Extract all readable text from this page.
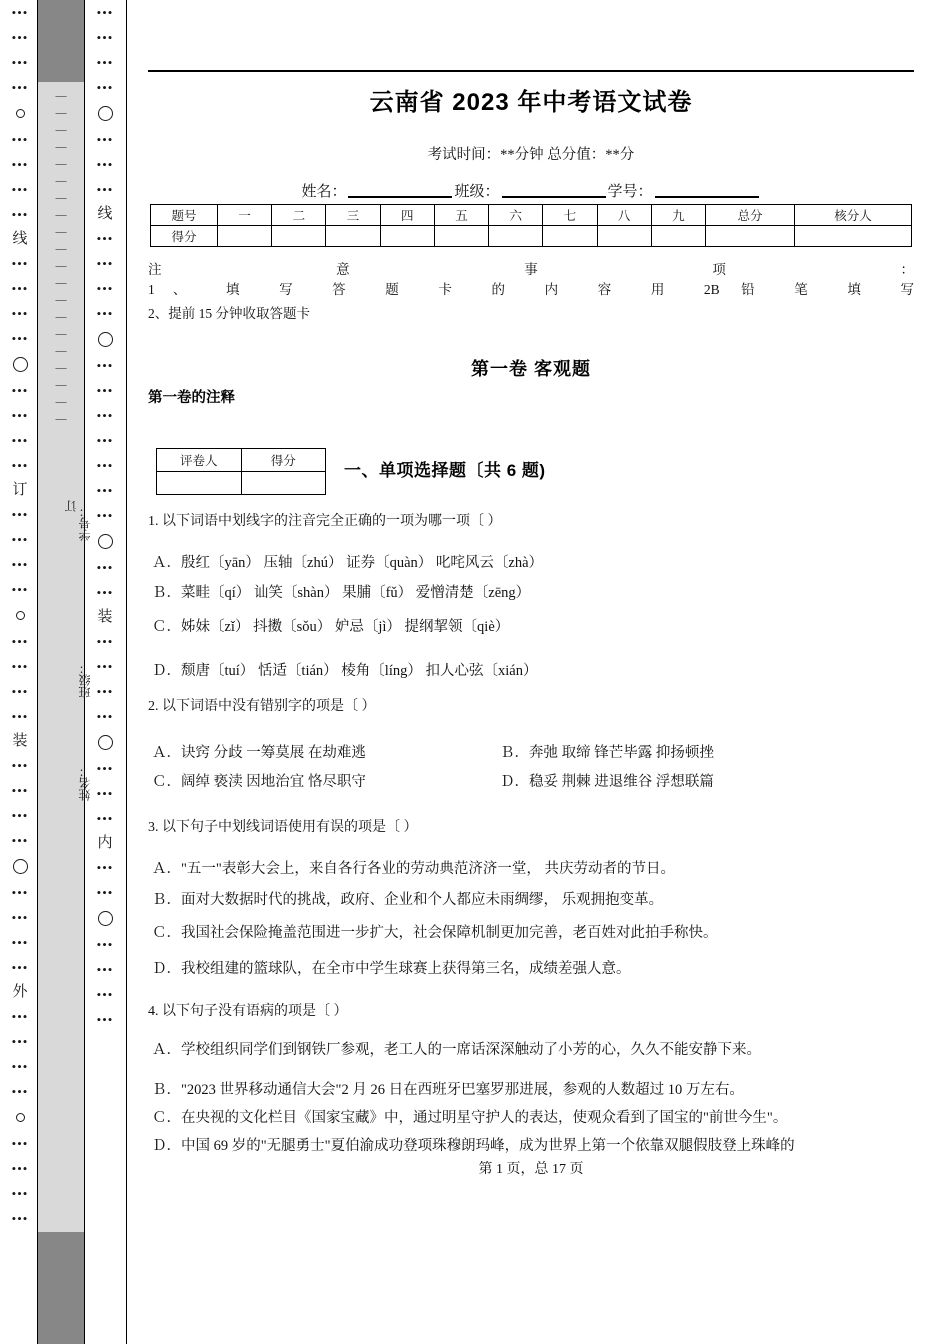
•••
•••
•••
•••
•••
•••
•••
•••
线
•••
•••
•••
•••
•••
•••
•••
•••
订
•••
•••
•••
•••
•••
•••
•••
•••
装
•••
•••
•••
•••
•••
•••
•••
•••
外
•••
•••
•••
•••
•••
•••
•••
•••
—
—
—
—
—
—
—
—
—
—
—
—
—
—
—
—
—
—
—
—
订 学号：
班级：
姓名：
•••
•••
•••
•••
•••
•••
•••
线
•••
•••
•••
•••
•••
•••
•••
•••
•••
•••
•••
•••
•••
装
•••
•••
•••
•••
•••
•••
•••
内
•••
•••
•••
•••
•••
•••
云南省 2023 年中考语文试卷
考试时间：**分钟 总分值：**分
姓名：	班级：	学号：
题号	一	二	三	四	五	六	七	八	九	总分	核分人
得分											
注 意 事 项 ：
1、 填 写 答 题 卡 的 内 容 用 2B 铅 笔 填 写
2、提前 15 分钟收取答题卡
第一卷 客观题
第一卷的注释
评卷人	得分
		一、单项选择题〔共 6 题)
1. 以下词语中划线字的注音完全正确的一项为哪一项〔 ）
Ａ．殷红〔yān） 压轴〔zhú） 证券〔quàn） 叱咤风云〔zhà）
Ｂ．菜畦〔qí） 讪笑〔shàn） 果脯〔fǔ） 爱憎清楚〔zēng）
Ｃ．姊妹〔zǐ） 抖擞〔sǒu） 妒忌〔jì） 提纲挈领〔qiè）
Ｄ．颓唐〔tuí） 恬适〔tián） 棱角〔líng） 扣人心弦〔xián）
2. 以下词语中没有错别字的项是〔 ）
Ａ．诀窍 分歧 一筹莫展 在劫难逃	Ｂ．奔弛 取缔 锋芒毕露 抑扬顿挫
Ｃ．阔绰 亵渎 因地治宜 恪尽职守	Ｄ．稳妥 荆棘 进退维谷 浮想联篇
3. 以下句子中划线词语使用有误的项是〔 ）
Ａ．"五一"表彰大会上，来自各行各业的劳动典范济济一堂， 共庆劳动者的节日。
Ｂ．面对大数据时代的挑战，政府、企业和个人都应未雨绸缪， 乐观拥抱变革。
Ｃ．我国社会保险掩盖范围进一步扩大，社会保障机制更加完善，老百姓对此拍手称快。
Ｄ．我校组建的篮球队，在全市中学生球赛上获得第三名，成绩差强人意。
4. 以下句子没有语病的项是〔 ）
Ａ．学校组织同学们到钢铁厂参观，老工人的一席话深深触动了小芳的心，久久不能安静下来。
Ｂ．"2023 世界移动通信大会"2 月 26 日在西班牙巴塞罗那进展，参观的人数超过 10 万左右。
Ｃ．在央视的文化栏目《国家宝藏》中，通过明星守护人的表达，使观众看到了国宝的"前世今生"。
Ｄ．中国 69 岁的"无腿勇士"夏伯渝成功登项珠穆朗玛峰，成为世界上第一个依靠双腿假肢登上珠峰的
第 1 页，总 17 页
